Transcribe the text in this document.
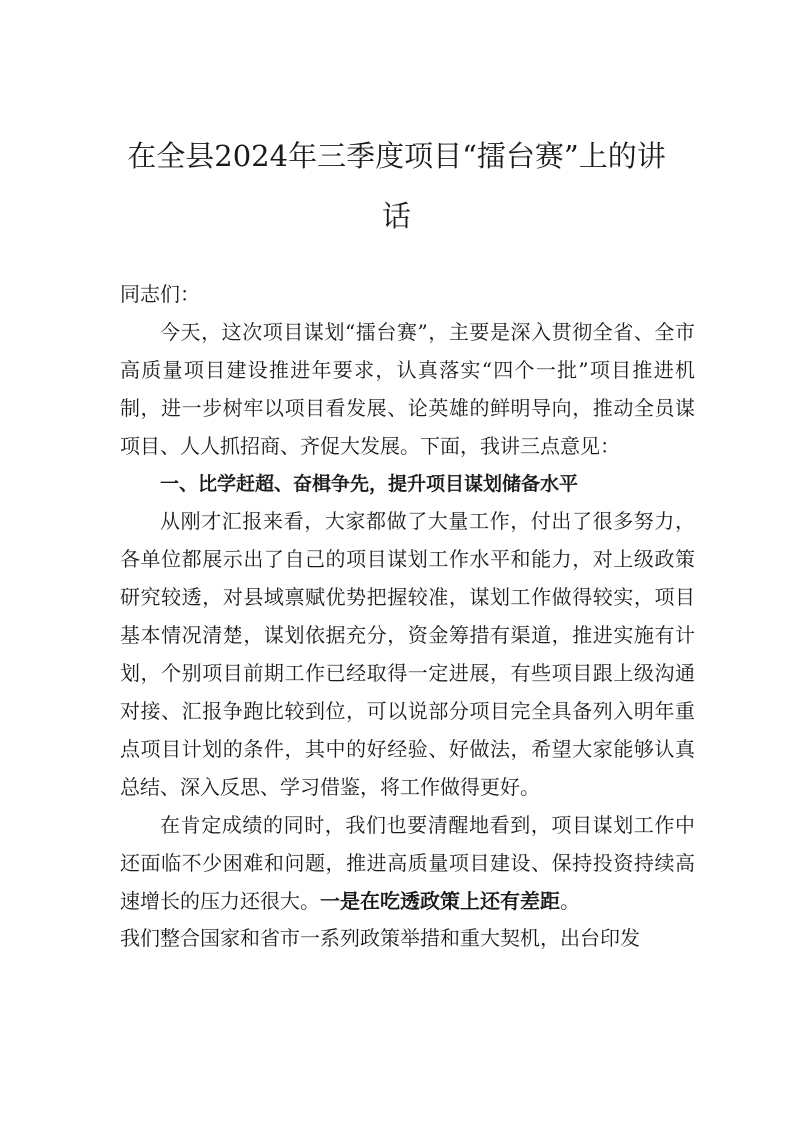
在全县2024年三季度项目“擂台赛”上的讲
话

同志们：

今天，这次项目谋划“擂台赛”，主要是深入贯彻全省、全市高质量项目建设推进年要求，认真落实“四个一批”项目推进机制，进一步树牢以项目看发展、论英雄的鲜明导向，推动全员谋项目、人人抓招商、齐促大发展。下面，我讲三点意见：

一、比学赶超、奋楫争先，提升项目谋划储备水平

从刚才汇报来看，大家都做了大量工作，付出了很多努力，各单位都展示出了自己的项目谋划工作水平和能力，对上级政策研究较透，对县域禀赋优势把握较准，谋划工作做得较实，项目基本情况清楚，谋划依据充分，资金筹措有渠道，推进实施有计划，个别项目前期工作已经取得一定进展，有些项目跟上级沟通对接、汇报争跑比较到位，可以说部分项目完全具备列入明年重点项目计划的条件，其中的好经验、好做法，希望大家能够认真总结、深入反思、学习借鉴，将工作做得更好。

在肯定成绩的同时，我们也要清醒地看到，项目谋划工作中还面临不少困难和问题，推进高质量项目建设、保持投资持续高速增长的压力还很大。一是在吃透政策上还有差距。

我们整合国家和省市一系列政策举措和重大契机，出台印发
